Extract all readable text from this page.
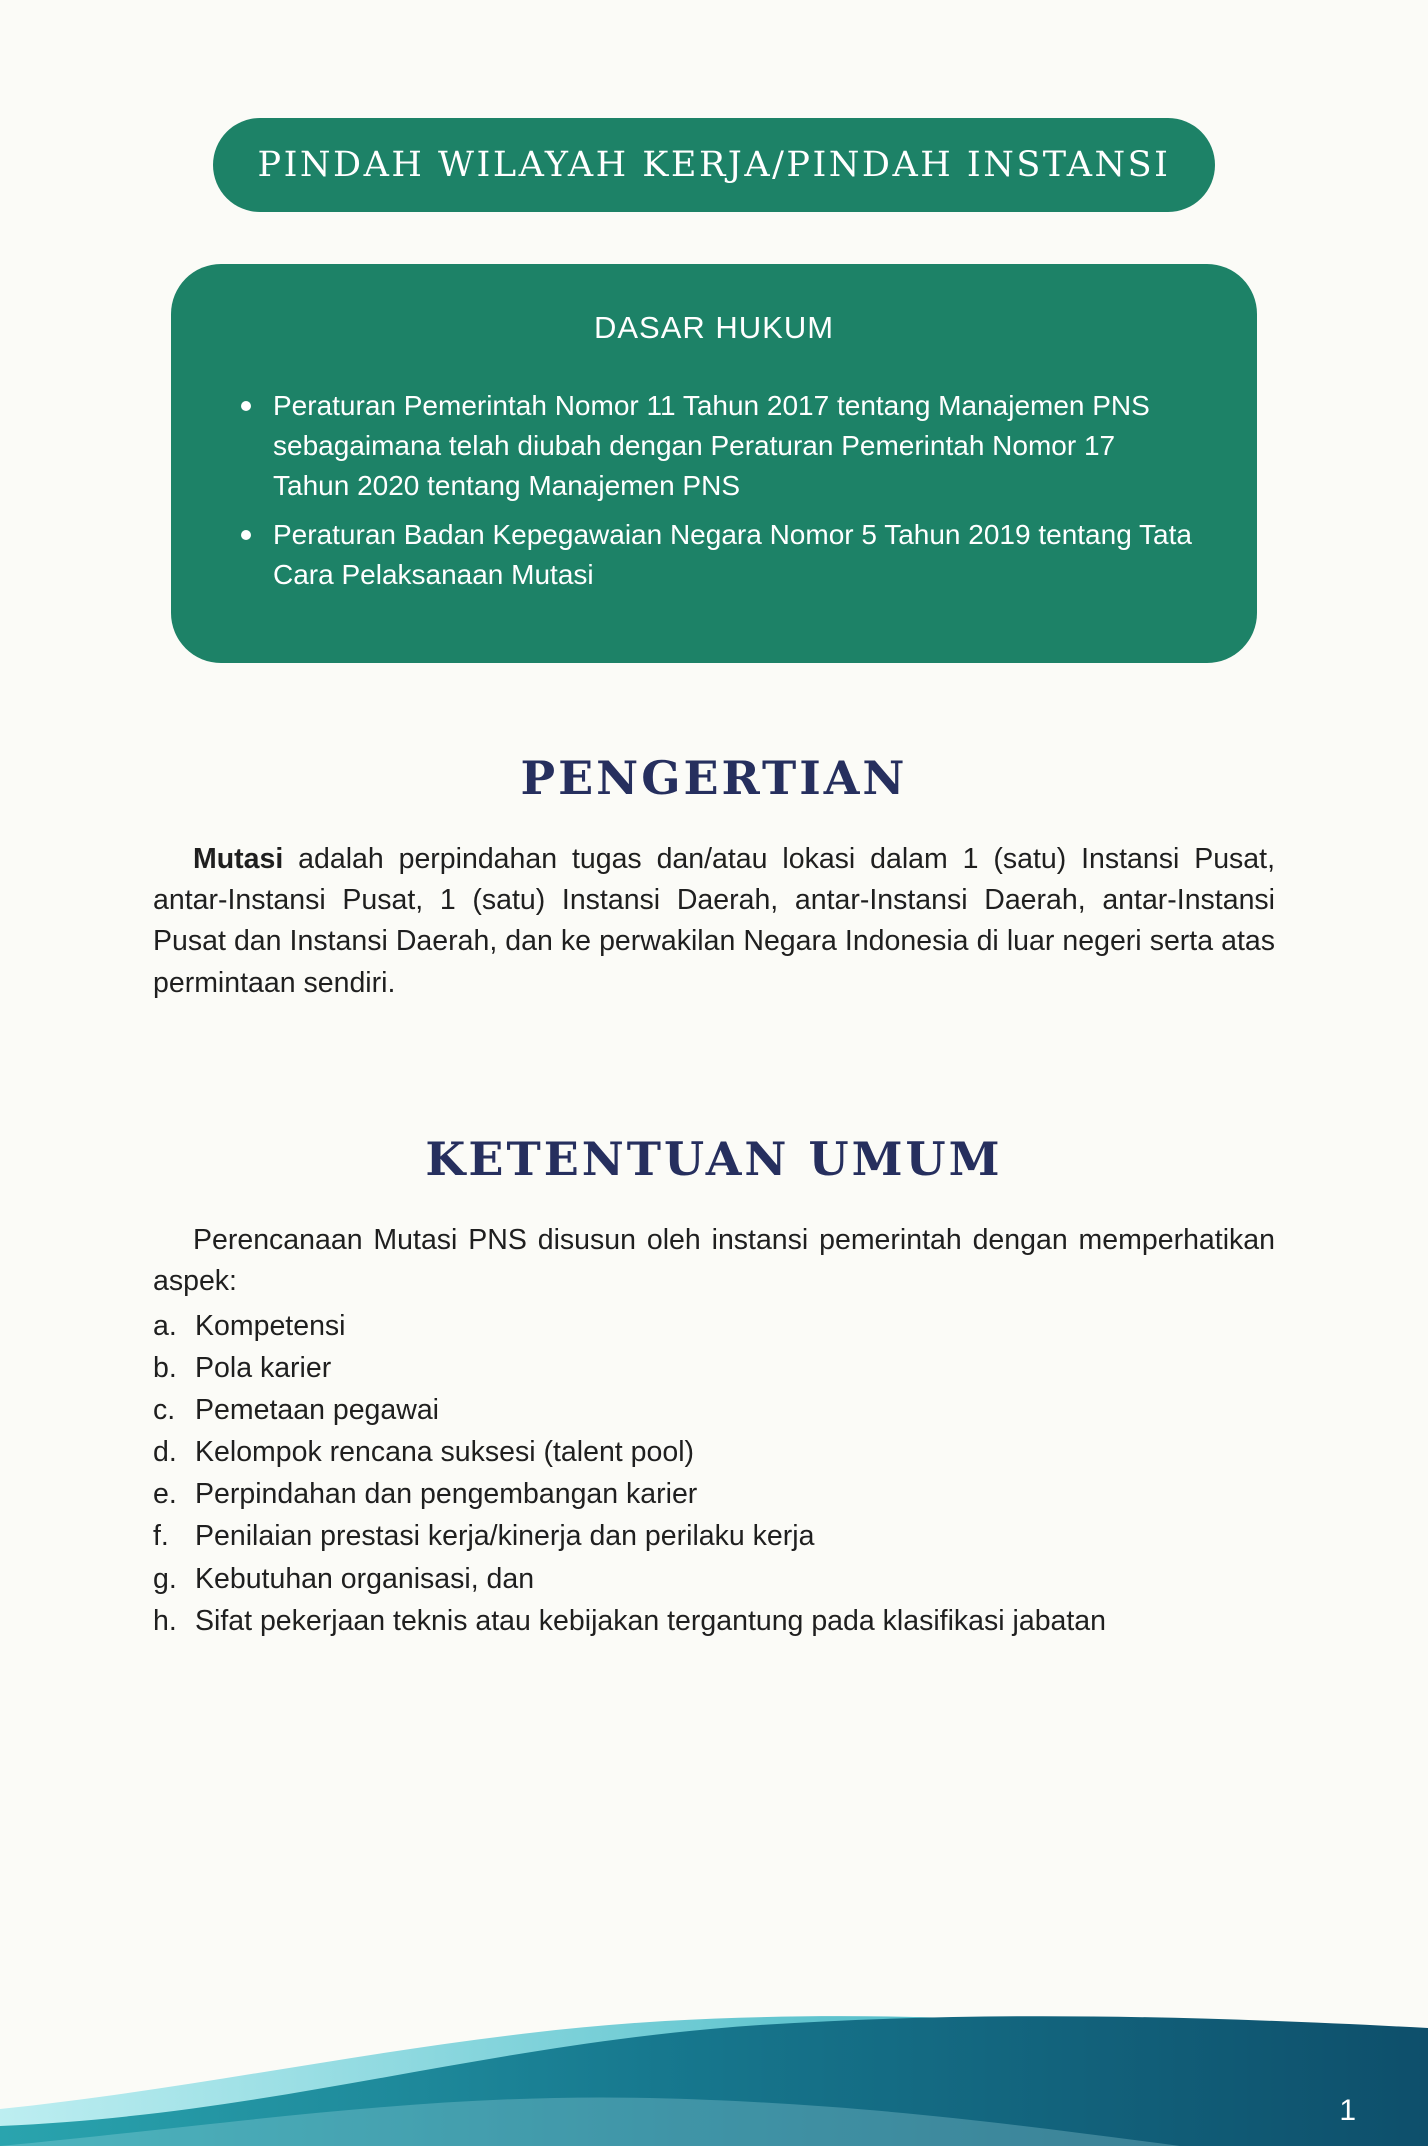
PINDAH WILAYAH KERJA/PINDAH INSTANSI
DASAR HUKUM
Peraturan Pemerintah Nomor 11 Tahun 2017 tentang Manajemen PNS sebagaimana telah diubah dengan Peraturan Pemerintah Nomor 17 Tahun 2020 tentang Manajemen PNS
Peraturan Badan Kepegawaian Negara Nomor 5 Tahun 2019 tentang Tata Cara Pelaksanaan Mutasi
PENGERTIAN

Mutasi adalah perpindahan tugas dan/atau lokasi dalam 1 (satu) Instansi Pusat, antar-Instansi Pusat, 1 (satu) Instansi Daerah, antar-Instansi Daerah, antar-Instansi Pusat dan Instansi Daerah, dan ke perwakilan Negara Indonesia di luar negeri serta atas permintaan sendiri.

KETENTUAN UMUM

Perencanaan Mutasi PNS disusun oleh instansi pemerintah dengan memperhatikan aspek:

a. Kompetensi
b. Pola karier
c. Pemetaan pegawai
d. Kelompok rencana suksesi (talent pool)
e. Perpindahan dan pengembangan karier
f. Penilaian prestasi kerja/kinerja dan perilaku kerja
g. Kebutuhan organisasi, dan
h. Sifat pekerjaan teknis atau kebijakan tergantung pada klasifikasi jabatan
1
